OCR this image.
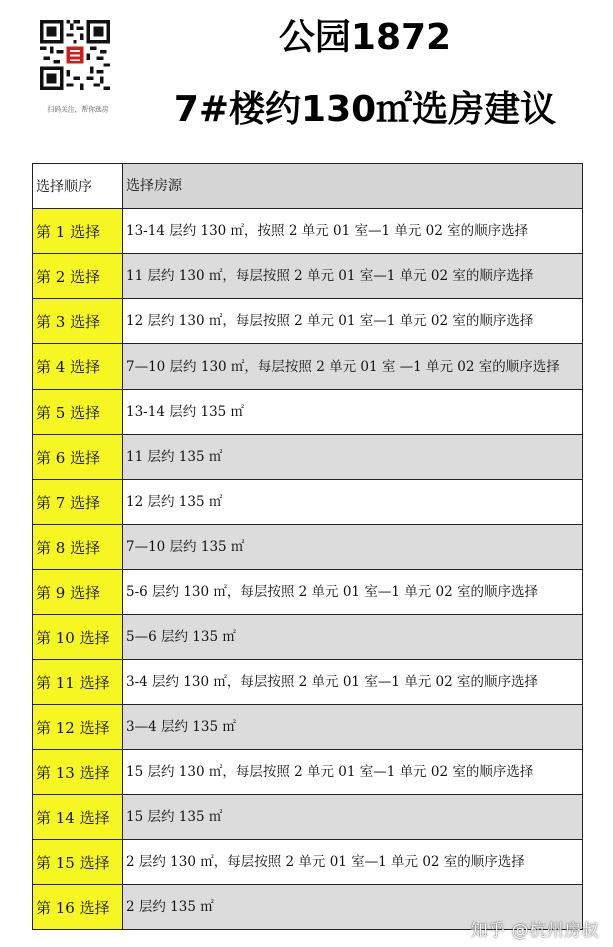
扫码关注，帮你选房
公园1872
7#楼约130㎡选房建议
选择顺序	选择房源
第 1 选择	13-14 层约 130 ㎡，按照 2 单元 01 室—1 单元 02 室的顺序选择
第 2 选择	11 层约 130 ㎡，每层按照 2 单元 01 室—1 单元 02 室的顺序选择
第 3 选择	12 层约 130 ㎡，每层按照 2 单元 01 室—1 单元 02 室的顺序选择
第 4 选择	7—10 层约 130 ㎡，每层按照 2 单元 01 室 —1 单元 02 室的顺序选择
第 5 选择	13-14 层约 135 ㎡
第 6 选择	11 层约 135 ㎡
第 7 选择	12 层约 135 ㎡
第 8 选择	7—10 层约 135 ㎡
第 9 选择	5-6 层约 130 ㎡，每层按照 2 单元 01 室—1 单元 02 室的顺序选择
第 10 选择	5—6 层约 135 ㎡
第 11 选择	3-4 层约 130 ㎡，每层按照 2 单元 01 室—1 单元 02 室的顺序选择
第 12 选择	3—4 层约 135 ㎡
第 13 选择	15 层约 130 ㎡，每层按照 2 单元 01 室—1 单元 02 室的顺序选择
第 14 选择	15 层约 135 ㎡
第 15 选择	2 层约 130 ㎡，每层按照 2 单元 01 室—1 单元 02 室的顺序选择
第 16 选择	2 层约 135 ㎡
知乎 @杭州房叔
